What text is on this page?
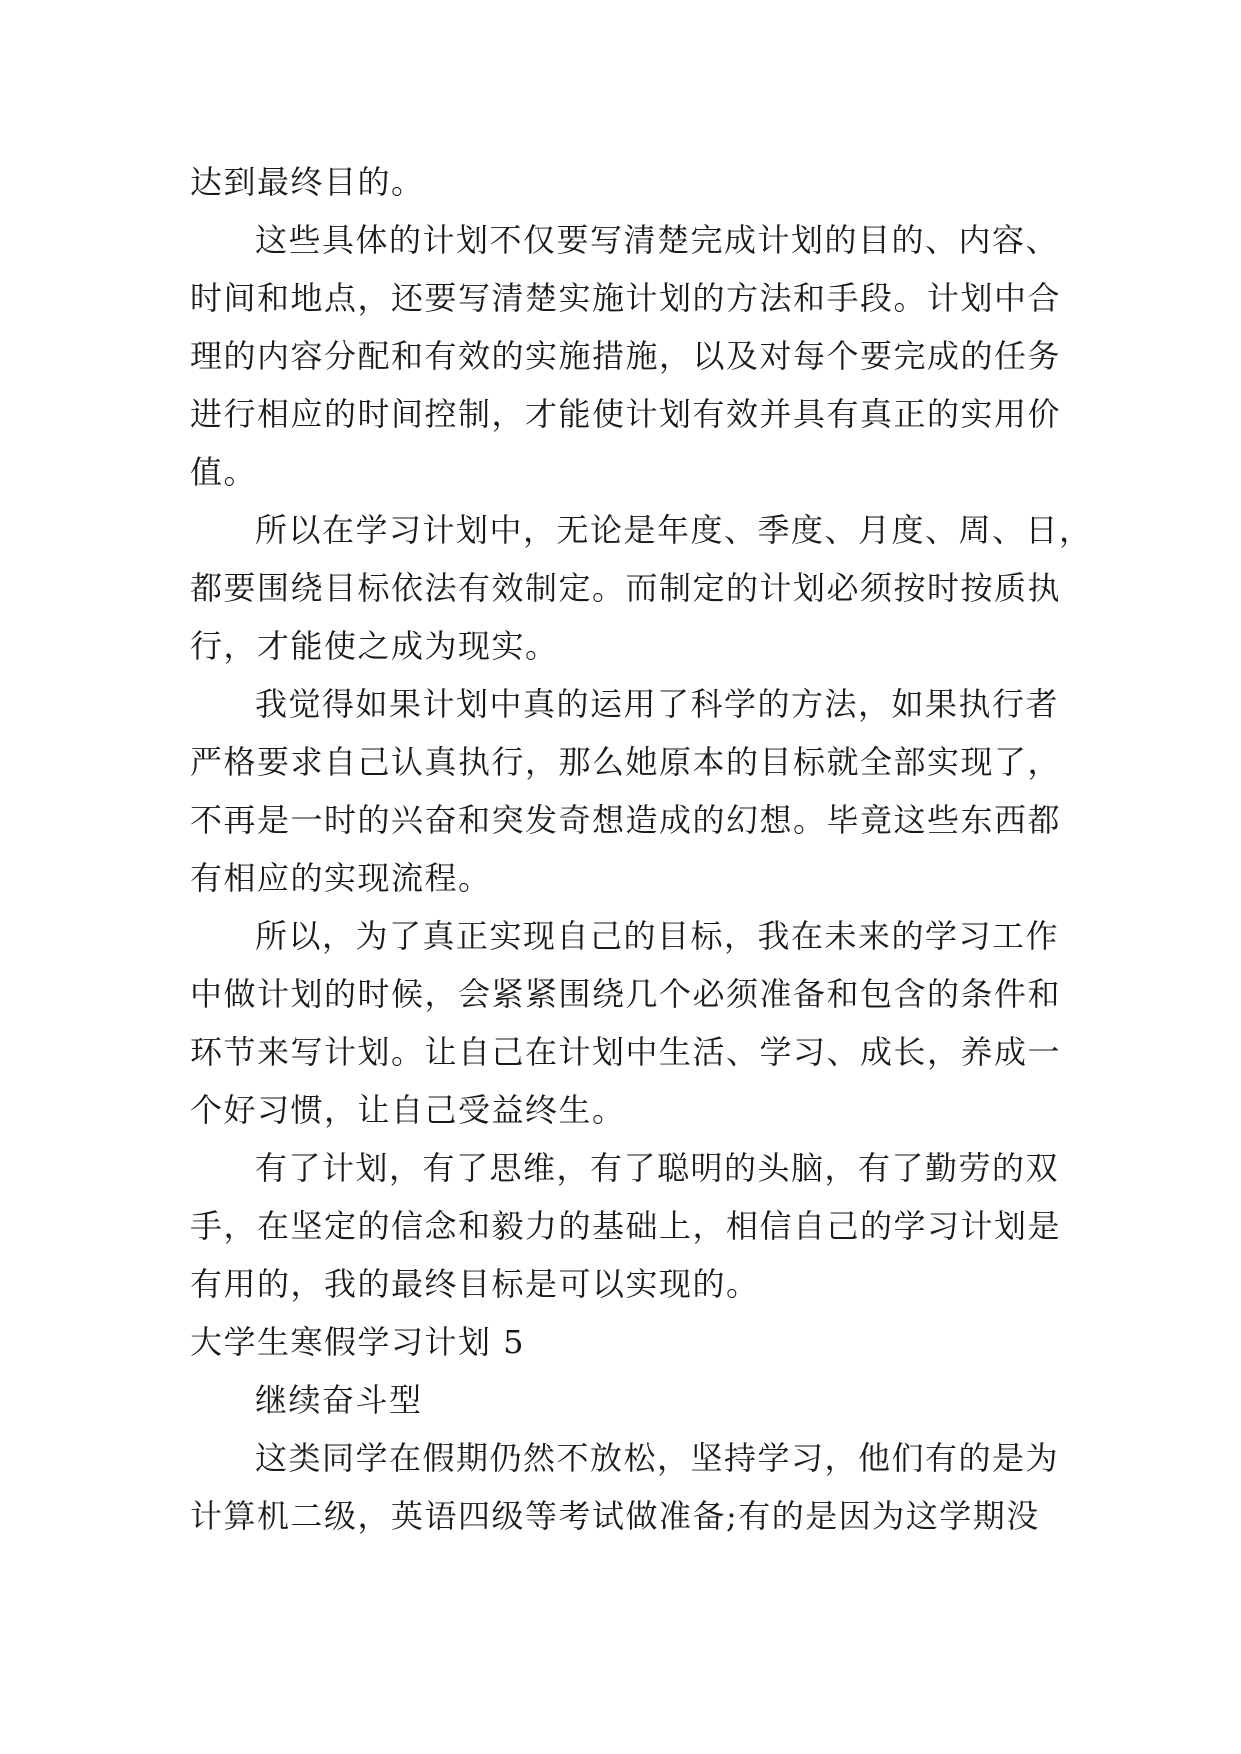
达到最终目的。

这些具体的计划不仅要写清楚完成计划的目的、内容、

时间和地点，还要写清楚实施计划的方法和手段。计划中合

理的内容分配和有效的实施措施，以及对每个要完成的任务

进行相应的时间控制，才能使计划有效并具有真正的实用价

值。

所以在学习计划中，无论是年度、季度、月度、周、日，

都要围绕目标依法有效制定。而制定的计划必须按时按质执

行，才能使之成为现实。

我觉得如果计划中真的运用了科学的方法，如果执行者

严格要求自己认真执行，那么她原本的目标就全部实现了，

不再是一时的兴奋和突发奇想造成的幻想。毕竟这些东西都

有相应的实现流程。

所以，为了真正实现自己的目标，我在未来的学习工作

中做计划的时候，会紧紧围绕几个必须准备和包含的条件和

环节来写计划。让自己在计划中生活、学习、成长，养成一

个好习惯，让自己受益终生。

有了计划，有了思维，有了聪明的头脑，有了勤劳的双

手，在坚定的信念和毅力的基础上，相信自己的学习计划是

有用的，我的最终目标是可以实现的。

大学生寒假学习计划 5

继续奋斗型

这类同学在假期仍然不放松，坚持学习，他们有的是为

计算机二级，英语四级等考试做准备;有的是因为这学期没
